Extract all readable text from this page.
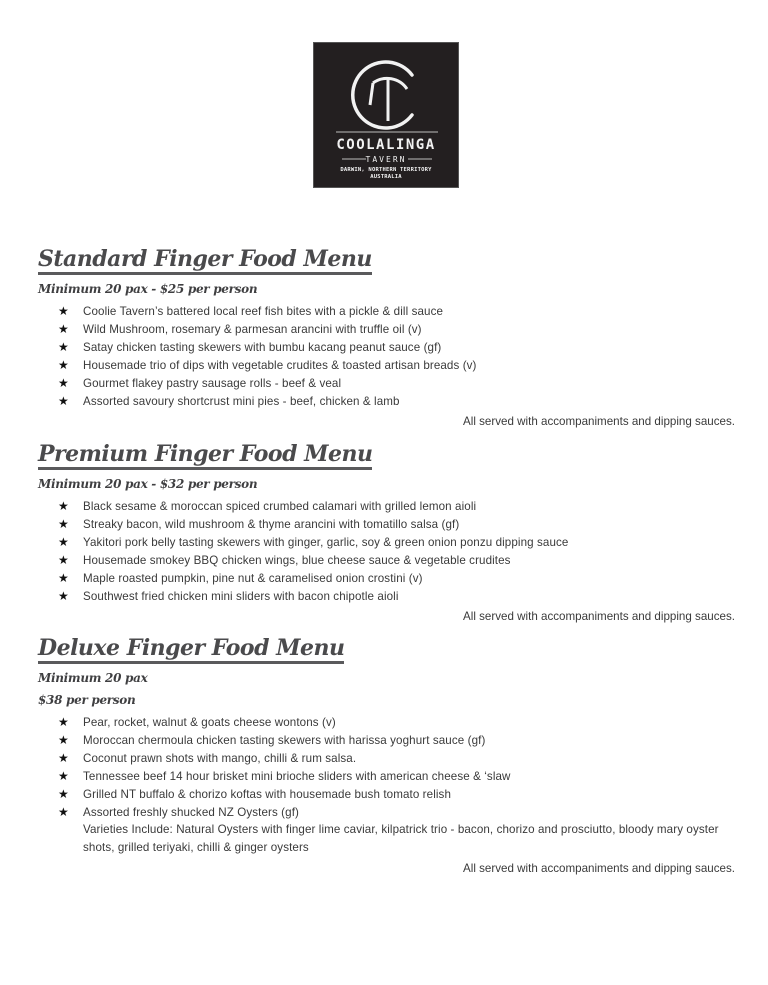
COOLALINGA
TAVERN
DARWIN, NORTHERN TERRITORY
AUSTRALIA
Standard Finger Food Menu
Minimum 20 pax - $25 per person
★ Coolie Tavern’s battered local reef fish bites with a pickle & dill sauce
★ Wild Mushroom, rosemary & parmesan arancini with truffle oil (v)
★ Satay chicken tasting skewers with bumbu kacang peanut sauce (gf)
★ Housemade trio of dips with vegetable crudites & toasted artisan breads (v)
★ Gourmet flakey pastry sausage rolls - beef & veal
★ Assorted savoury shortcrust mini pies - beef, chicken & lamb
All served with accompaniments and dipping sauces.
Premium Finger Food Menu
Minimum 20 pax - $32 per person
★ Black sesame & moroccan spiced crumbed calamari with grilled lemon aioli
★ Streaky bacon, wild mushroom & thyme arancini with tomatillo salsa (gf)
★ Yakitori pork belly tasting skewers with ginger, garlic, soy & green onion ponzu dipping sauce
★ Housemade smokey BBQ chicken wings, blue cheese sauce & vegetable crudites
★ Maple roasted pumpkin, pine nut & caramelised onion crostini (v)
★ Southwest fried chicken mini sliders with bacon chipotle aioli
All served with accompaniments and dipping sauces.
Deluxe Finger Food Menu
Minimum 20 pax
$38 per person
★ Pear, rocket, walnut & goats cheese wontons (v)
★ Moroccan chermoula chicken tasting skewers with harissa yoghurt sauce (gf)
★ Coconut prawn shots with mango, chilli & rum salsa.
★ Tennessee beef 14 hour brisket mini brioche sliders with american cheese & ‘slaw
★ Grilled NT buffalo & chorizo koftas with housemade bush tomato relish
★ Assorted freshly shucked NZ Oysters (gf)
Varieties Include: Natural Oysters with finger lime caviar, kilpatrick trio - bacon, chorizo and prosciutto, bloody mary oyster shots, grilled teriyaki, chilli & ginger oysters
All served with accompaniments and dipping sauces.
